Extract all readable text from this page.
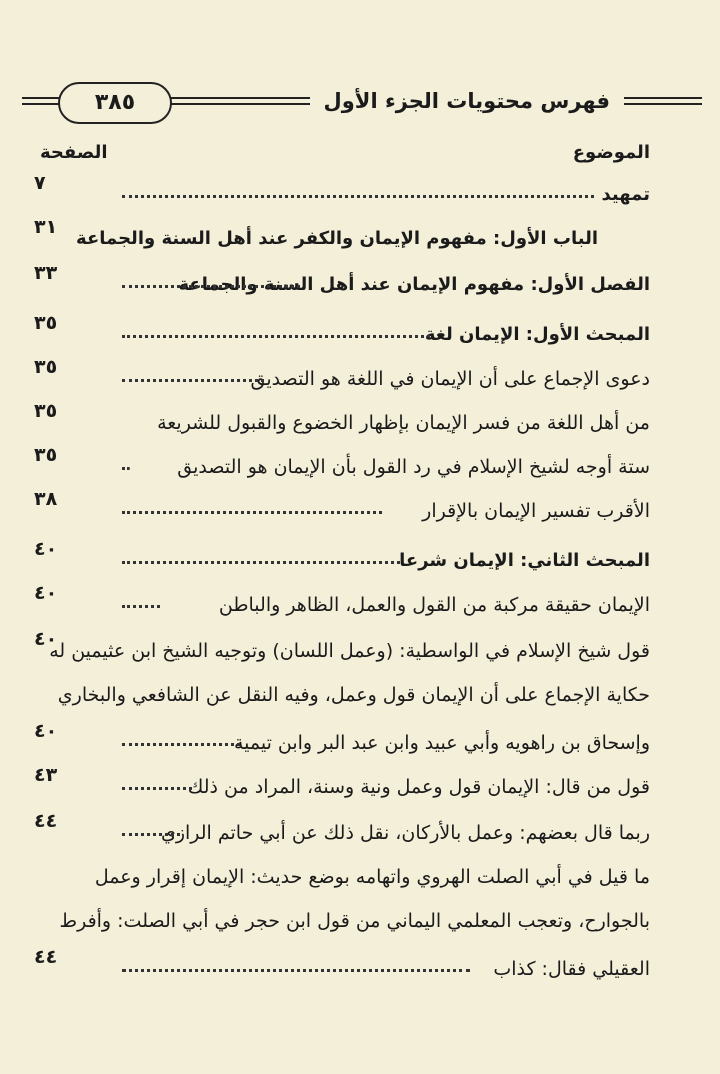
٣٨٥	فهرس محتويات الجزء الأول
الموضوع
الصفحة
تمهيد
٧
الباب الأول: مفهوم الإيمان والكفر عند أهل السنة والجماعة
٣١
الفصل الأول: مفهوم الإيمان عند أهل السنة والجماعة
٣٣
المبحث الأول: الإيمان لغة
٣٥
دعوى الإجماع على أن الإيمان في اللغة هو التصديق
٣٥
من أهل اللغة من فسر الإيمان بإظهار الخضوع والقبول للشريعة
٣٥
ستة أوجه لشيخ الإسلام في رد القول بأن الإيمان هو التصديق
٣٥
الأقرب تفسير الإيمان بالإقرار
٣٨
المبحث الثاني: الإيمان شرعا
٤٠
الإيمان حقيقة مركبة من القول والعمل، الظاهر والباطن
٤٠
قول شيخ الإسلام في الواسطية: (وعمل اللسان) وتوجيه الشيخ ابن عثيمين له
٤٠
حكاية الإجماع على أن الإيمان قول وعمل، وفيه النقل عن الشافعي والبخاري
وإسحاق بن راهويه وأبي عبيد وابن عبد البر وابن تيمية
٤٠
قول من قال: الإيمان قول وعمل ونية وسنة، المراد من ذلك
٤٣
ربما قال بعضهم: وعمل بالأركان، نقل ذلك عن أبي حاتم الرازي
٤٤
ما قيل في أبي الصلت الهروي واتهامه بوضع حديث: الإيمان إقرار وعمل
بالجوارح، وتعجب المعلمي اليماني من قول ابن حجر في أبي الصلت: وأفرط
العقيلي فقال: كذاب
٤٤
